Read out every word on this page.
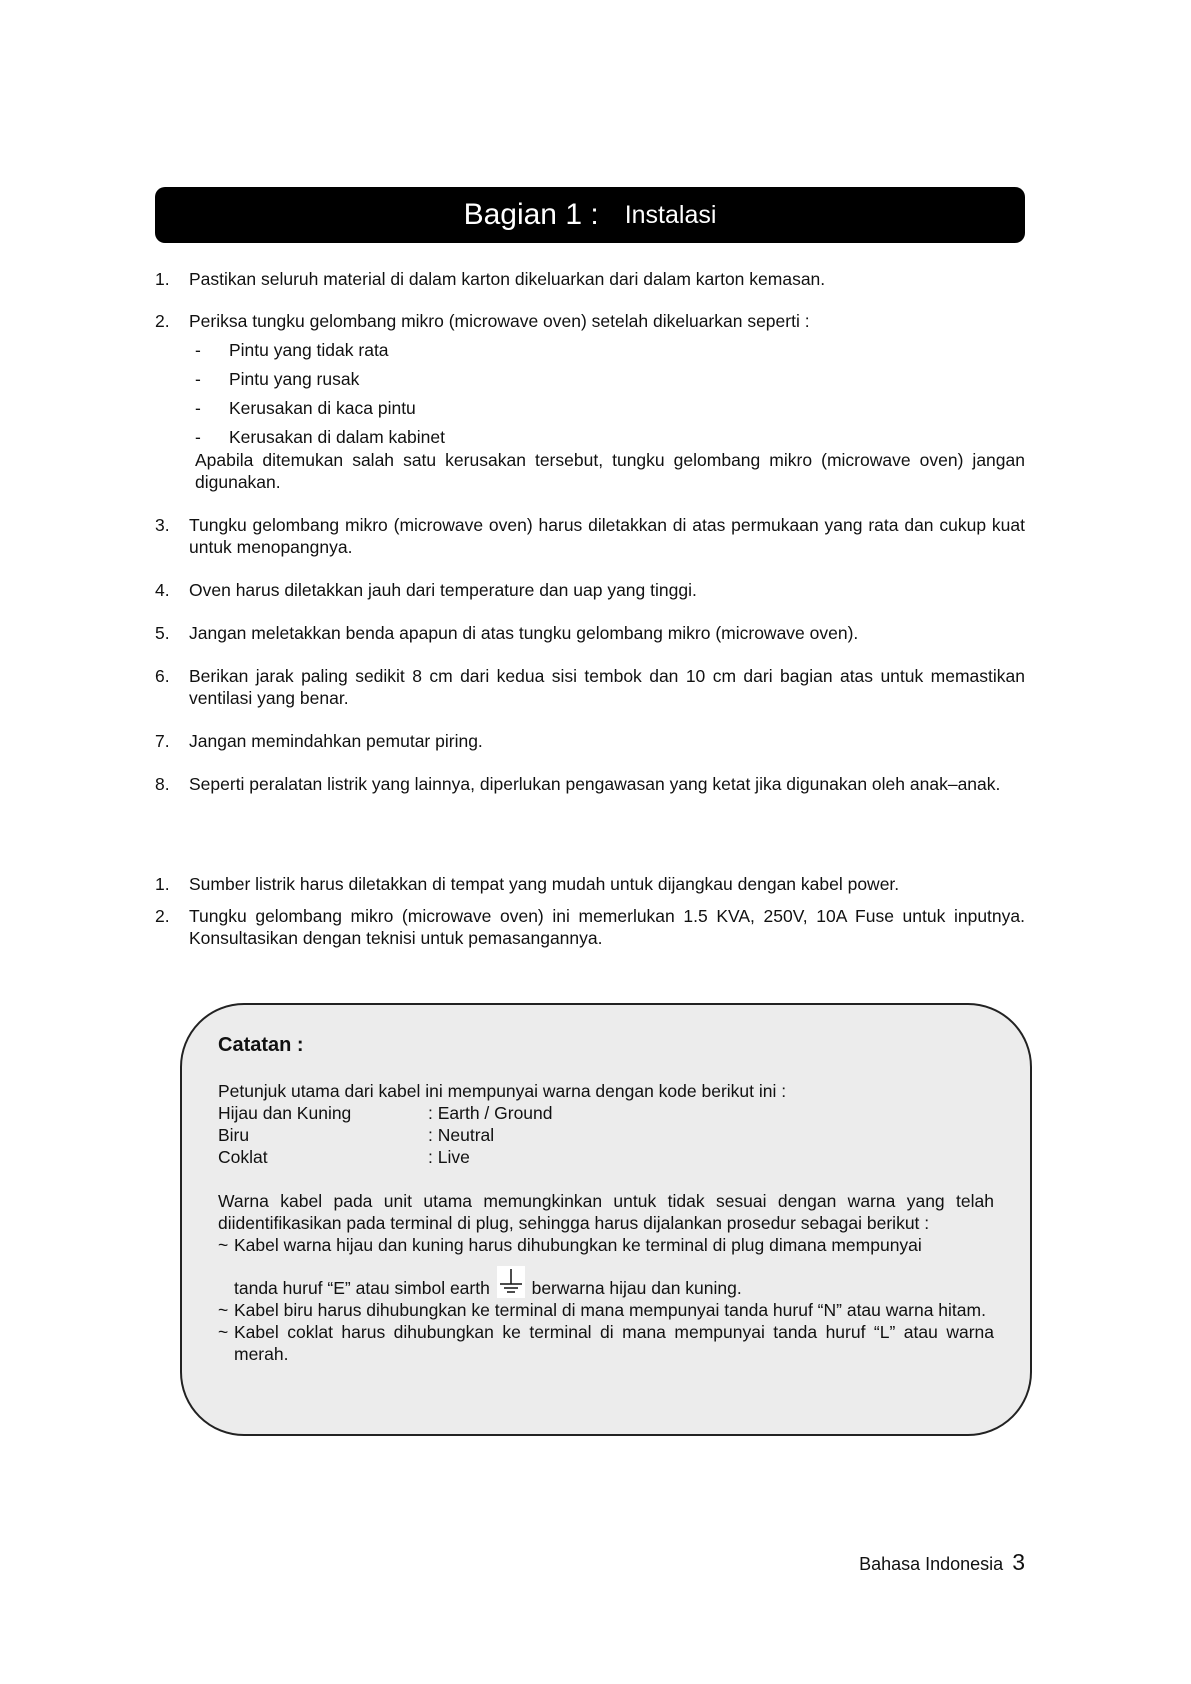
Bagian 1 : Instalasi
1. Pastikan seluruh material di dalam karton dikeluarkan dari dalam karton kemasan.
2. Periksa tungku gelombang mikro (microwave oven) setelah dikeluarkan seperti :
- Pintu yang tidak rata
- Pintu yang rusak
- Kerusakan di kaca pintu
- Kerusakan di dalam kabinet
Apabila ditemukan salah satu kerusakan tersebut, tungku gelombang mikro (microwave oven) jangan digunakan.
3. Tungku gelombang mikro (microwave oven) harus diletakkan di atas permukaan yang rata dan cukup kuat untuk menopangnya.
4. Oven harus diletakkan jauh dari temperature dan uap yang tinggi.
5. Jangan meletakkan benda apapun di atas tungku gelombang mikro (microwave oven).
6. Berikan jarak paling sedikit 8 cm dari kedua sisi tembok dan 10 cm dari bagian atas untuk memastikan ventilasi yang benar.
7. Jangan memindahkan pemutar piring.
8. Seperti peralatan listrik yang lainnya, diperlukan pengawasan yang ketat jika digunakan oleh anak–anak.
1. Sumber listrik harus diletakkan di tempat yang mudah untuk dijangkau dengan kabel power.
2. Tungku gelombang mikro (microwave oven) ini memerlukan 1.5 KVA, 250V, 10A Fuse untuk inputnya. Konsultasikan dengan teknisi untuk pemasangannya.
Catatan :
Petunjuk utama dari kabel ini mempunyai warna dengan kode berikut ini :
Hijau dan Kuning	: Earth / Ground
Biru	: Neutral
Coklat	: Live
Warna kabel pada unit utama memungkinkan untuk tidak sesuai dengan warna yang telah diidentifikasikan pada terminal di plug, sehingga harus dijalankan prosedur sebagai berikut :
~ Kabel warna hijau dan kuning harus dihubungkan ke terminal di plug dimana mempunyai
tanda huruf “E” atau simbol earth berwarna hijau dan kuning.
~ Kabel biru harus dihubungkan ke terminal di mana mempunyai tanda huruf “N” atau warna hitam.
~ Kabel coklat harus dihubungkan ke terminal di mana mempunyai tanda huruf “L” atau warna merah.
Bahasa Indonesia 3
